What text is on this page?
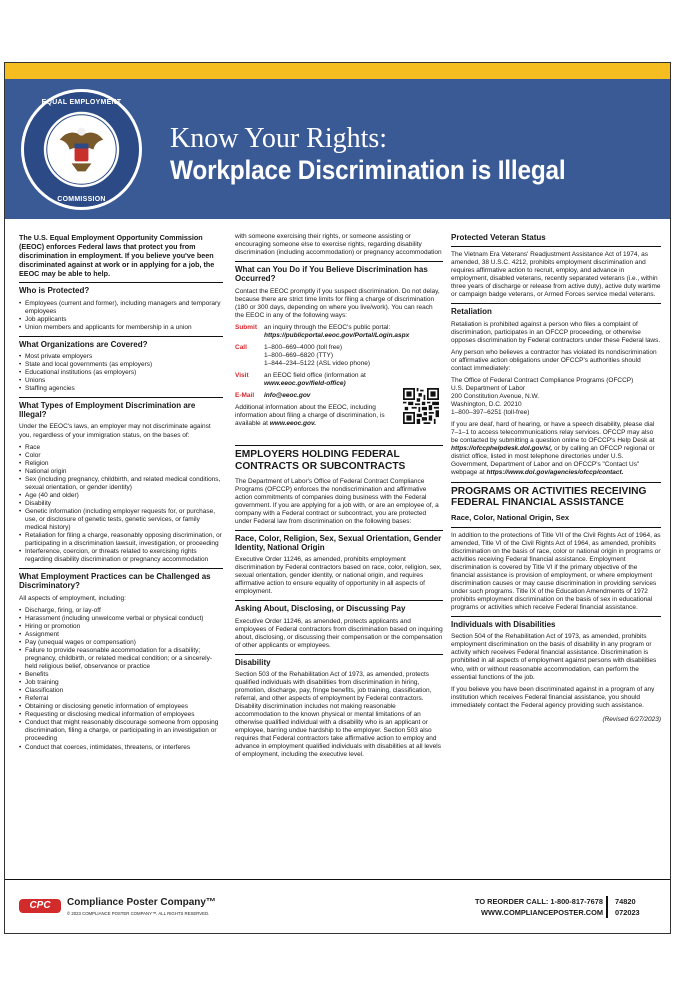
EQUAL EMPLOYMENT
COMMISSION
Know Your Rights:
Workplace Discrimination is Illegal

The U.S. Equal Employment Opportunity Commission (EEOC) enforces Federal laws that protect you from discrimination in employment. If you believe you've been discriminated against at work or in applying for a job, the EEOC may be able to help.

Who is Protected?
• Employees (current and former), including managers and temporary employees
• Job applicants
• Union members and applicants for membership in a union
What Organizations are Covered?
• Most private employers
• State and local governments (as employers)
• Educational institutions (as employers)
• Unions
• Staffing agencies
What Types of Employment Discrimination are Illegal?

Under the EEOC's laws, an employer may not discriminate against you, regardless of your immigration status, on the bases of:

• Race
• Color
• Religion
• National origin
• Sex (including pregnancy, childbirth, and related medical conditions, sexual orientation, or gender identity)
• Age (40 and older)
• Disability
• Genetic information (including employer requests for, or purchase, use, or disclosure of genetic tests, genetic services, or family medical history)
• Retaliation for filing a charge, reasonably opposing discrimination, or participating in a discrimination lawsuit, investigation, or proceeding
• Interference, coercion, or threats related to exercising rights regarding disability discrimination or pregnancy accommodation
What Employment Practices can be Challenged as Discriminatory?

All aspects of employment, including:

• Discharge, firing, or lay-off
• Harassment (including unwelcome verbal or physical conduct)
• Hiring or promotion
• Assignment
• Pay (unequal wages or compensation)
• Failure to provide reasonable accommodation for a disability; pregnancy, childbirth, or related medical condition; or a sincerely-held religious belief, observance or practice
• Benefits
• Job training
• Classification
• Referral
• Obtaining or disclosing genetic information of employees
• Requesting or disclosing medical information of employees
• Conduct that might reasonably discourage someone from opposing discrimination, filing a charge, or participating in an investigation or proceeding
• Conduct that coerces, intimidates, threatens, or interferes

with someone exercising their rights, or someone assisting or encouraging someone else to exercise rights, regarding disability discrimination (including accommodation) or pregnancy accommodation

What can You Do if You Believe Discrimination has Occurred?

Contact the EEOC promptly if you suspect discrimination. Do not delay, because there are strict time limits for filing a charge of discrimination (180 or 300 days, depending on where you live/work). You can reach the EEOC in any of the following ways:

Submit	an inquiry through the EEOC's public portal:
https://publicportal.eeoc.gov/Portal/Login.aspx
Call	1–800–669–4000 (toll free)
1–800–669–6820 (TTY)
1–844–234–5122 (ASL video phone)
Visit	an EEOC field office (information at
www.eeoc.gov/field-office)
E-Mail	info@eeoc.gov

Additional information about the EEOC, including information about filing a charge of discrimination, is available at www.eeoc.gov.

EMPLOYERS HOLDING FEDERAL CONTRACTS OR SUBCONTRACTS

The Department of Labor's Office of Federal Contract Compliance Programs (OFCCP) enforces the nondiscrimination and affirmative action commitments of companies doing business with the Federal government. If you are applying for a job with, or are an employee of, a company with a Federal contract or subcontract, you are protected under Federal law from discrimination on the following bases:

Race, Color, Religion, Sex, Sexual Orientation, Gender Identity, National Origin

Executive Order 11246, as amended, prohibits employment discrimination by Federal contractors based on race, color, religion, sex, sexual orientation, gender identity, or national origin, and requires affirmative action to ensure equality of opportunity in all aspects of employment.

Asking About, Disclosing, or Discussing Pay

Executive Order 11246, as amended, protects applicants and employees of Federal contractors from discrimination based on inquiring about, disclosing, or discussing their compensation or the compensation of other applicants or employees.

Disability

Section 503 of the Rehabilitation Act of 1973, as amended, protects qualified individuals with disabilities from discrimination in hiring, promotion, discharge, pay, fringe benefits, job training, classification, referral, and other aspects of employment by Federal contractors. Disability discrimination includes not making reasonable accommodation to the known physical or mental limitations of an otherwise qualified individual with a disability who is an applicant or employee, barring undue hardship to the employer. Section 503 also requires that Federal contractors take affirmative action to employ and advance in employment qualified individuals with disabilities at all levels of employment, including the executive level.

Protected Veteran Status

The Vietnam Era Veterans' Readjustment Assistance Act of 1974, as amended, 38 U.S.C. 4212, prohibits employment discrimination and requires affirmative action to recruit, employ, and advance in employment, disabled veterans, recently separated veterans (i.e., within three years of discharge or release from active duty), active duty wartime or campaign badge veterans, or Armed Forces service medal veterans.

Retaliation

Retaliation is prohibited against a person who files a complaint of discrimination, participates in an OFCCP proceeding, or otherwise opposes discrimination by Federal contractors under these Federal laws.

Any person who believes a contractor has violated its nondiscrimination or affirmative action obligations under OFCCP's authorities should contact immediately:

The Office of Federal Contract Compliance Programs (OFCCP)
U.S. Department of Labor
200 Constitution Avenue, N.W.
Washington, D.C. 20210
1–800–397–6251 (toll-free)

If you are deaf, hard of hearing, or have a speech disability, please dial 7–1–1 to access telecommunications relay services. OFCCP may also be contacted by submitting a question online to OFCCP's Help Desk at https://ofccphelpdesk.dol.gov/s/, or by calling an OFCCP regional or district office, listed in most telephone directories under U.S. Government, Department of Labor and on OFCCP's "Contact Us" webpage at https://www.dol.gov/agencies/ofccp/contact.

PROGRAMS OR ACTIVITIES RECEIVING FEDERAL FINANCIAL ASSISTANCE
Race, Color, National Origin, Sex

In addition to the protections of Title VII of the Civil Rights Act of 1964, as amended, Title VI of the Civil Rights Act of 1964, as amended, prohibits discrimination on the basis of race, color or national origin in programs or activities receiving Federal financial assistance. Employment discrimination is covered by Title VI if the primary objective of the financial assistance is provision of employment, or where employment discrimination causes or may cause discrimination in providing services under such programs. Title IX of the Education Amendments of 1972 prohibits employment discrimination on the basis of sex in educational programs or activities which receive Federal financial assistance.

Individuals with Disabilities

Section 504 of the Rehabilitation Act of 1973, as amended, prohibits employment discrimination on the basis of disability in any program or activity which receives Federal financial assistance. Discrimination is prohibited in all aspects of employment against persons with disabilities who, with or without reasonable accommodation, can perform the essential functions of the job.

If you believe you have been discriminated against in a program of any institution which receives Federal financial assistance, you should immediately contact the Federal agency providing such assistance.

(Revised 6/27/2023)
CPC	Compliance Poster Company™
© 2023 COMPLIANCE POSTER COMPANY™. ALL RIGHTS RESERVED.
TO REORDER CALL: 1-800-817-7678
WWW.COMPLIANCEPOSTER.COM
74820
072023
